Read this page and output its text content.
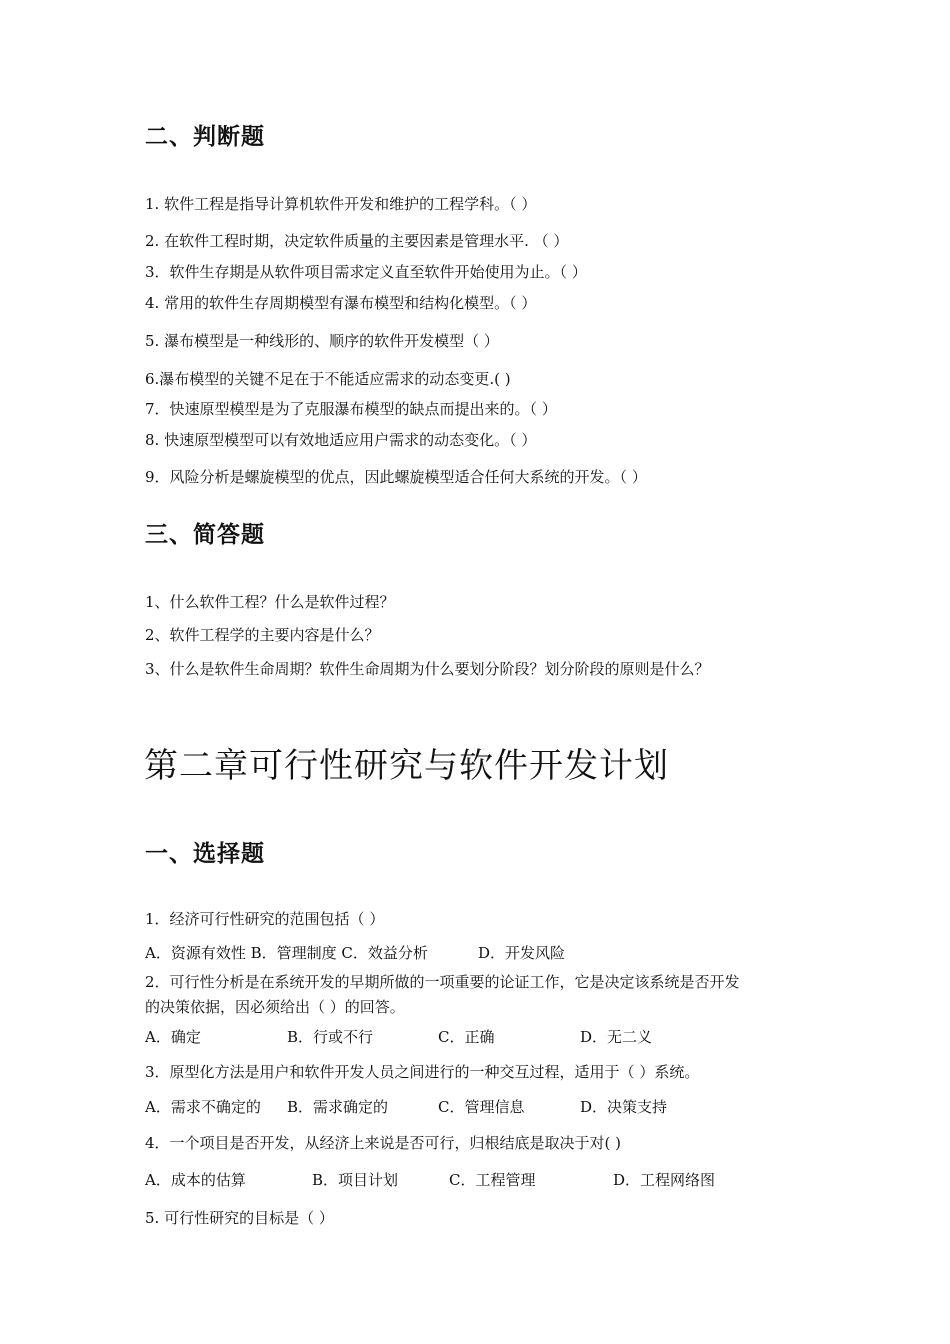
二、判断题
1. 软件工程是指导计算机软件开发和维护的工程学科。（ ）
2. 在软件工程时期，决定软件质量的主要因素是管理水平. （ ）
3．软件生存期是从软件项目需求定义直至软件开始使用为止。（ ）
4. 常用的软件生存周期模型有瀑布模型和结构化模型。（ ）
5. 瀑布模型是一种线形的、顺序的软件开发模型（ ）
6.瀑布模型的关键不足在于不能适应需求的动态变更.( )
7．快速原型模型是为了克服瀑布模型的缺点而提出来的。（ ）
8. 快速原型模型可以有效地适应用户需求的动态变化。（ ）
9．风险分析是螺旋模型的优点，因此螺旋模型适合任何大系统的开发。（ ）
三、简答题
1、什么软件工程？什么是软件过程？
2、软件工程学的主要内容是什么？
3、什么是软件生命周期？软件生命周期为什么要划分阶段？划分阶段的原则是什么？
第二章可行性研究与软件开发计划
一、选择题
1．经济可行性研究的范围包括（ ）
A．资源有效性 B．管理制度 C．效益分析	D．开发风险
2．可行性分析是在系统开发的早期所做的一项重要的论证工作，它是决定该系统是否开发
的决策依据，因必须给出（ ）的回答。
A．确定	B．行或不行	C．正确	D．无二义
3．原型化方法是用户和软件开发人员之间进行的一种交互过程，适用于（ ）系统。
A．需求不确定的 B．需求确定的	C．管理信息	D．决策支持
4．一个项目是否开发，从经济上来说是否可行，归根结底是取决于对( )
A．成本的估算	B．项目计划	C．工程管理	D．工程网络图
5. 可行性研究的目标是（ ）
